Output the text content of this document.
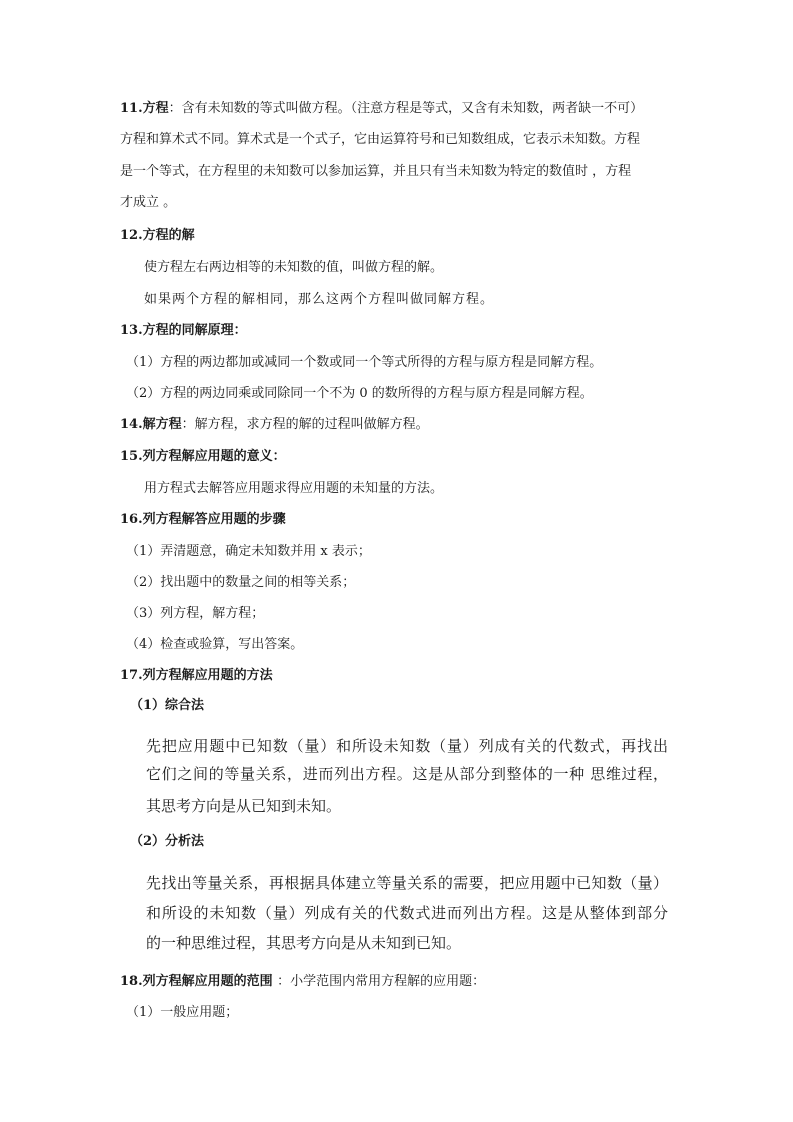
11.方程：含有未知数的等式叫做方程。（注意方程是等式，又含有未知数，两者缺一不可）
方程和算术式不同。算术式是一个式子，它由运算符号和已知数组成，它表示未知数。方程
是一个等式，在方程里的未知数可以参加运算，并且只有当未知数为特定的数值时 ，方程
才成立 。
12.方程的解
使方程左右两边相等的未知数的值，叫做方程的解。
如果两个方程的解相同，那么这两个方程叫做同解方程。
13.方程的同解原理：
（1）方程的两边都加或减同一个数或同一个等式所得的方程与原方程是同解方程。
（2）方程的两边同乘或同除同一个不为 0 的数所得的方程与原方程是同解方程。
14.解方程：解方程，求方程的解的过程叫做解方程。
15.列方程解应用题的意义：
用方程式去解答应用题求得应用题的未知量的方法。
16.列方程解答应用题的步骤
（1）弄清题意，确定未知数并用 x 表示；
（2）找出题中的数量之间的相等关系；
（3）列方程，解方程；
（4）检查或验算，写出答案。
17.列方程解应用题的方法
（1）综合法
先把应用题中已知数（量）和所设未知数（量）列成有关的代数式，再找出
它们之间的等量关系，进而列出方程。这是从部分到整体的一种 思维过程，
其思考方向是从已知到未知。
（2）分析法
先找出等量关系，再根据具体建立等量关系的需要，把应用题中已知数（量）
和所设的未知数（量）列成有关的代数式进而列出方程。这是从整体到部分
的一种思维过程，其思考方向是从未知到已知。
18.列方程解应用题的范围 ：小学范围内常用方程解的应用题：
（1）一般应用题；
